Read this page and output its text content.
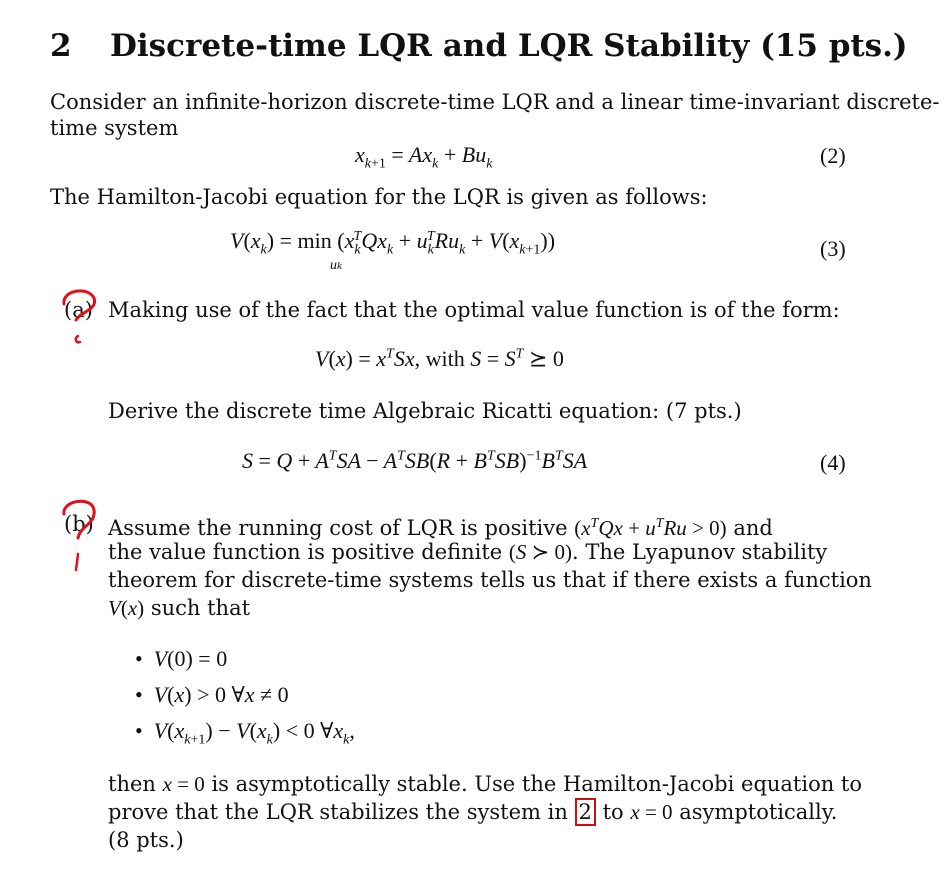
2 Discrete-time LQR and LQR Stability (15 pts.)
Consider an infinite-horizon discrete-time LQR and a linear time-invariant discrete-
time system
$x_{k+1} = Ax_k + Bu_k$	(2)
The Hamilton-Jacobi equation for the LQR is given as follows:
$V(x_k) = \min (x_k^TQx_k + u_k^TRu_k + V(x_{k+1}))$
uk
(3)
(a) Making use of the fact that the optimal value function is of the form:
$V(x) = x^TSx$, with $S = S^T$ ⪰ 0
Derive the discrete time Algebraic Ricatti equation: (7 pts.)
$S = Q + A^TSA - A^TSB(R + B^TSB)^{-1}B^TSA$	(4)
(b) Assume the running cost of LQR is positive $(x^TQx + u^TRu > 0)$ and
the value function is positive definite (S ≻ 0). The Lyapunov stability
theorem for discrete-time systems tells us that if there exists a function
V(x) such that
•  V(0) = 0
•  V(x) > 0 ∀x ≠ 0
•  $V(x_{k+1}) - V(x_k) < 0$ $\forall x_k$,
then x = 0 is asymptotically stable. Use the Hamilton-Jacobi equation to
prove that the LQR stabilizes the system in 2 to x = 0 asymptotically.
(8 pts.)
